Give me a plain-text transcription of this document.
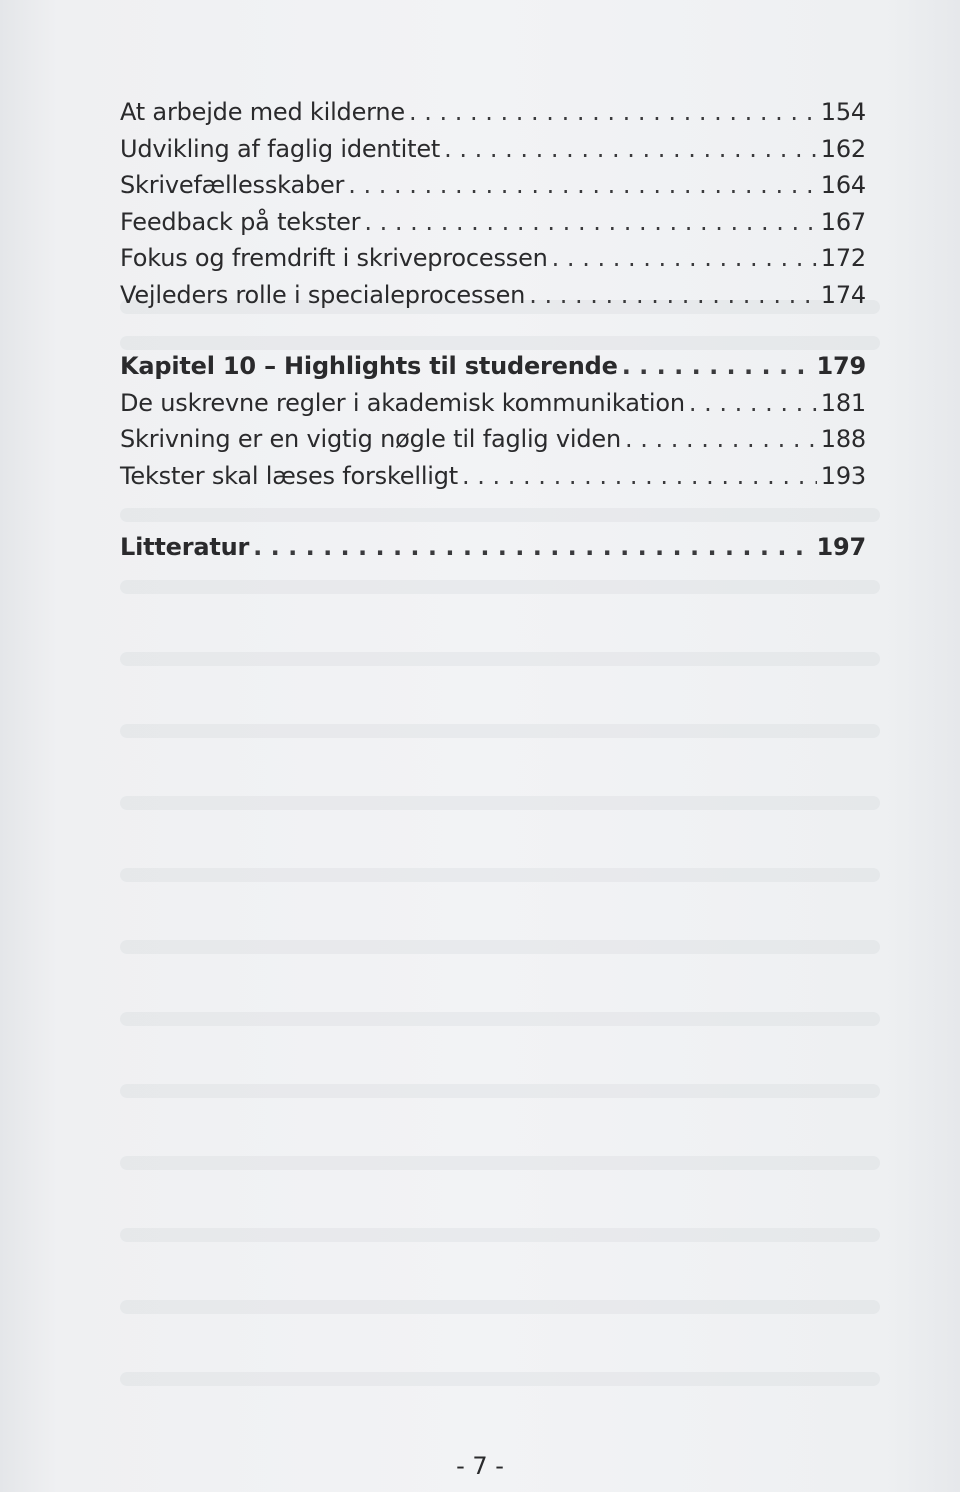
At arbejde med kilderne . . .	154
Udvikling af faglig identitet . . .	162
Skrivefællesskaber . . .	164
Feedback på tekster . . .	167
Fokus og fremdrift i skriveprocessen . . .	172
Vejleders rolle i specialeprocessen . . .	174
Kapitel 10 – Highlights til studerende . . .	179
De uskrevne regler i akademisk kommunikation . . .	181
Skrivning er en vigtig nøgle til faglig viden . . .	188
Tekster skal læses forskelligt . . .	193
Litteratur . . .	197
- 7 -
